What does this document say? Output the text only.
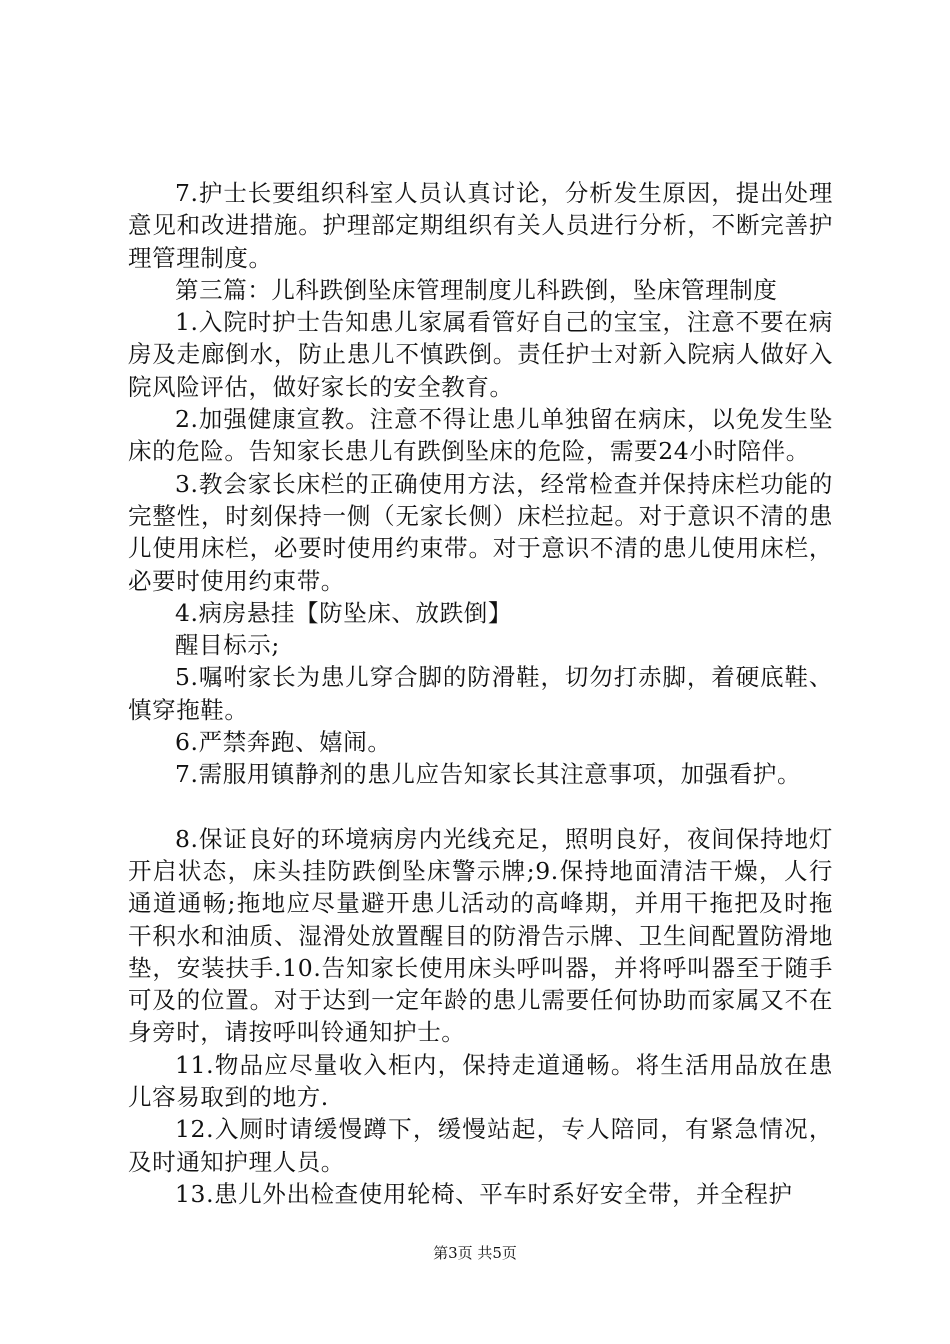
7.护士长要组织科室人员认真讨论，分析发生原因，提出处理意见和改进措施。护理部定期组织有关人员进行分析，不断完善护理管理制度。

第三篇：儿科跌倒坠床管理制度儿科跌倒，坠床管理制度

1.入院时护士告知患儿家属看管好自己的宝宝，注意不要在病房及走廊倒水，防止患儿不慎跌倒。责任护士对新入院病人做好入院风险评估，做好家长的安全教育。

2.加强健康宣教。注意不得让患儿单独留在病床，以免发生坠床的危险。告知家长患儿有跌倒坠床的危险，需要24小时陪伴。

3.教会家长床栏的正确使用方法，经常检查并保持床栏功能的完整性，时刻保持一侧（无家长侧）床栏拉起。对于意识不清的患儿使用床栏，必要时使用约束带。对于意识不清的患儿使用床栏，必要时使用约束带。

4.病房悬挂【防坠床、放跌倒】

醒目标示;

5.嘱咐家长为患儿穿合脚的防滑鞋，切勿打赤脚，着硬底鞋、慎穿拖鞋。

6.严禁奔跑、嬉闹。

7.需服用镇静剂的患儿应告知家长其注意事项，加强看护。

8.保证良好的环境病房内光线充足，照明良好，夜间保持地灯开启状态，床头挂防跌倒坠床警示牌;9.保持地面清洁干燥，人行通道通畅;拖地应尽量避开患儿活动的高峰期，并用干拖把及时拖干积水和油质、湿滑处放置醒目的防滑告示牌、卫生间配置防滑地垫，安装扶手.10.告知家长使用床头呼叫器，并将呼叫器至于随手可及的位置。对于达到一定年龄的患儿需要任何协助而家属又不在身旁时，请按呼叫铃通知护士。

11.物品应尽量收入柜内，保持走道通畅。将生活用品放在患儿容易取到的地方.

12.入厕时请缓慢蹲下，缓慢站起，专人陪同，有紧急情况，及时通知护理人员。

13.患儿外出检查使用轮椅、平车时系好安全带，并全程护

第3页 共5页
